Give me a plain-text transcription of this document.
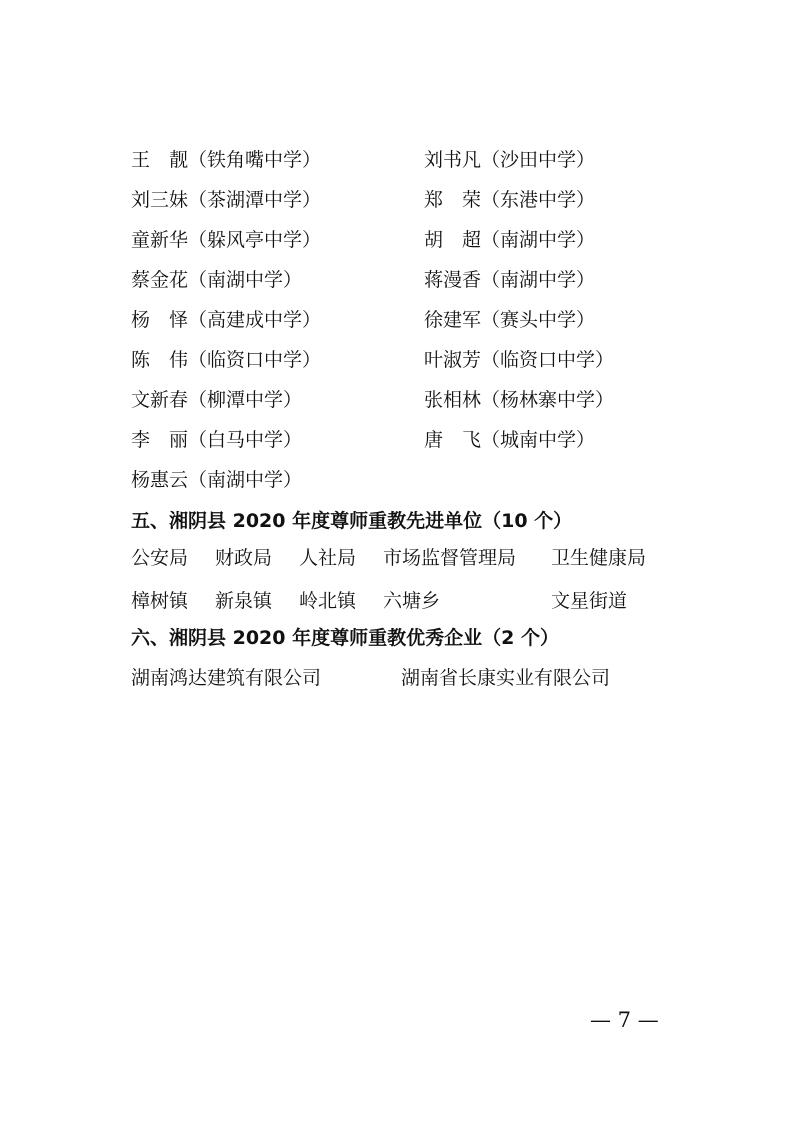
王　靓（铁角嘴中学）	刘书凡（沙田中学）
刘三妹（茶湖潭中学）	郑　荣（东港中学）
童新华（躲风亭中学）	胡　超（南湖中学）
蔡金花（南湖中学）	蒋漫香（南湖中学）
杨　怿（高建成中学）	徐建军（赛头中学）
陈　伟（临资口中学）	叶淑芳（临资口中学）
文新春（柳潭中学）	张相林（杨林寨中学）
李　丽（白马中学）	唐　飞（城南中学）
杨惠云（南湖中学）
五、湘阴县 2020 年度尊师重教先进单位（10 个）
公安局 财政局 人社局 市场监督管理局 卫生健康局
樟树镇 新泉镇 岭北镇 六塘乡	文星街道
六、湘阴县 2020 年度尊师重教优秀企业（2 个）
湖南鸿达建筑有限公司	湖南省长康实业有限公司
— 7 —
